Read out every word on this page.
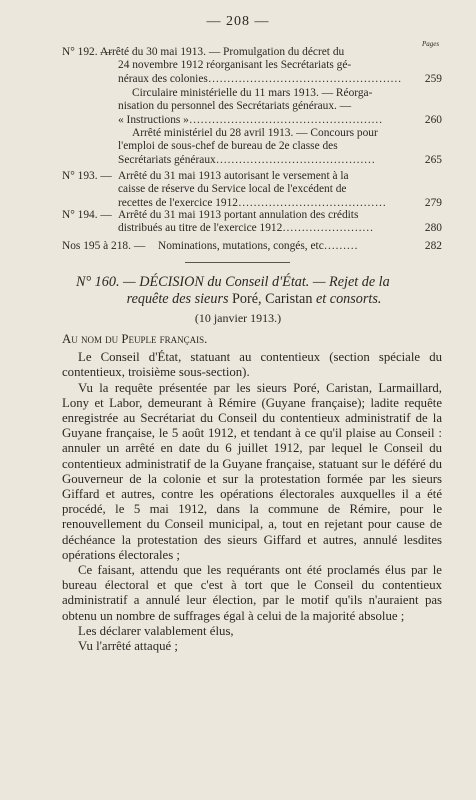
— 208 —
Pages
N° 192. —
Arrêté du 30 mai 1913. — Promulgation du décret du
24 novembre 1912 réorganisant les Secrétariats gé-
néraux des colonies……………………………………………	259
Circulaire ministérielle du 11 mars 1913. — Réorga-
nisation du personnel des Secrétariats généraux. —
« Instructions »……………………………………………	260
Arrêté ministériel du 28 avril 1913. — Concours pour
l'emploi de sous-chef de bureau de 2e classe des
Secrétariats généraux……………………………………	265
N° 193. — Arrêté du 31 mai 1913 autorisant le versement à la
caisse de réserve du Service local de l'excédent de
recettes de l'exercice 1912…………………………………	279
N° 194. — Arrêté du 31 mai 1913 portant annulation des crédits
distribués au titre de l'exercice 1912……………………	280
Nos 195 à 218. — Nominations, mutations, congés, etc………	282
N° 160. — DÉCISION du Conseil d'État. — Rejet de la
requête des sieurs Poré, Caristan et consorts.
(10 janvier 1913.)

Au nom du Peuple français.

Le Conseil d'État, statuant au contentieux (section spéciale du contentieux, troisième sous-section).

Vu la requête présentée par les sieurs Poré, Caristan, Larmaillard, Lony et Labor, demeurant à Rémire (Guyane française); ladite requête enregistrée au Secrétariat du Conseil du contentieux administratif de la Guyane française, le 5 août 1912, et tendant à ce qu'il plaise au Conseil : annuler un arrêté en date du 6 juillet 1912, par lequel le Conseil du contentieux administratif de la Guyane française, statuant sur le déféré du Gouverneur de la colonie et sur la protestation formée par les sieurs Giffard et autres, contre les opérations électorales auxquelles il a été procédé, le 5 mai 1912, dans la commune de Rémire, pour le renouvellement du Conseil municipal, a, tout en rejetant pour cause de déchéance la protestation des sieurs Giffard et autres, annulé lesdites opérations électorales ;

Ce faisant, attendu que les requérants ont été proclamés élus par le bureau électoral et que c'est à tort que le Conseil du contentieux administratif a annulé leur élection, par le motif qu'ils n'auraient pas obtenu un nombre de suffrages égal à celui de la majorité absolue ;

Les déclarer valablement élus,

Vu l'arrêté attaqué ;
